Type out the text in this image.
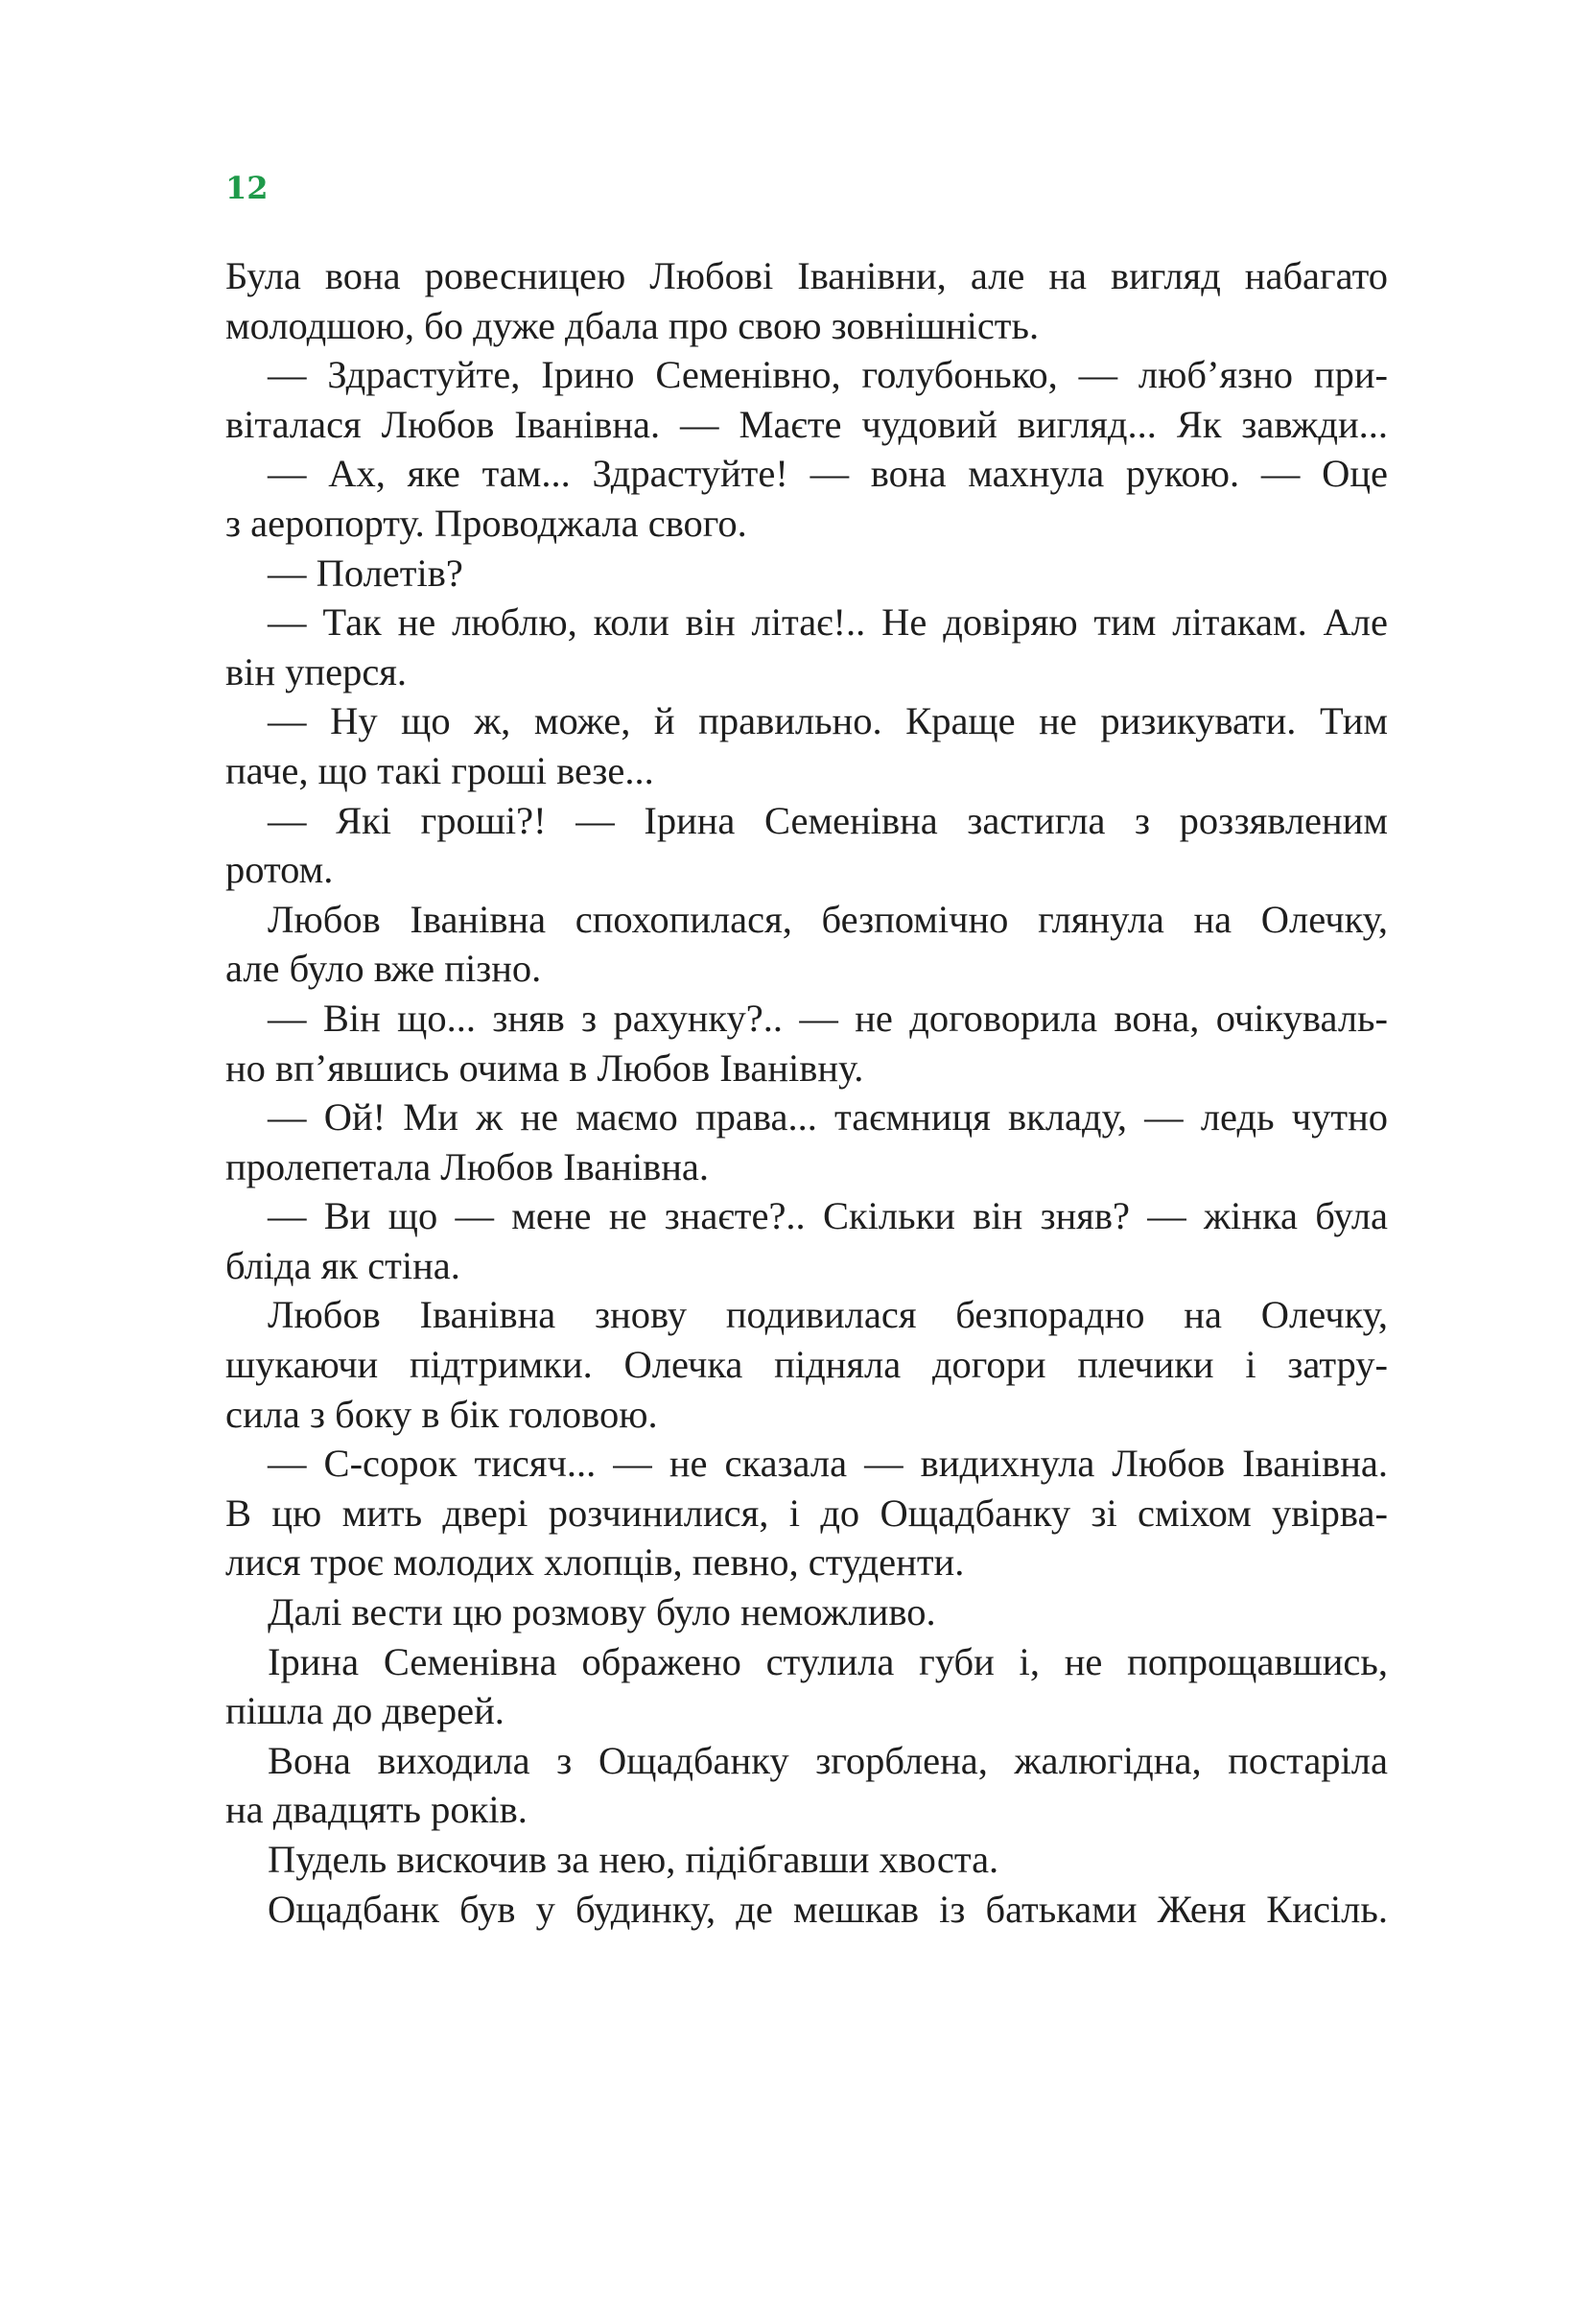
12
Була вона ровесницею Любові Іванівни, але на вигляд набагато
молодшою, бо дуже дбала про свою зовнішність.
— Здрастуйте, Ірино Семенівно, голубонько, — люб’язно при-
віталася Любов Іванівна. — Маєте чудовий вигляд... Як завжди...
— Ах, яке там... Здрастуйте! — вона махнула рукою. — Оце
з аеропорту. Проводжала свого.
— Полетів?
— Так не люблю, коли він літає!.. Не довіряю тим літакам. Але
він уперся.
— Ну що ж, може, й правильно. Краще не ризикувати. Тим
паче, що такі гроші везе...
— Які гроші?! — Ірина Семенівна застигла з роззявленим
ротом.
Любов Іванівна спохопилася, безпомічно глянула на Олечку,
але було вже пізно.
— Він що... зняв з рахунку?.. — не договорила вона, очікуваль-
но вп’явшись очима в Любов Іванівну.
— Ой! Ми ж не маємо права... таємниця вкладу, — ледь чутно
пролепетала Любов Іванівна.
— Ви що — мене не знаєте?.. Скільки він зняв? — жінка була
бліда як стіна.
Любов Іванівна знову подивилася безпорадно на Олечку,
шукаючи підтримки. Олечка підняла догори плечики і затру-
сила з боку в бік головою.
— С-сорок тисяч... — не сказала — видихнула Любов Іванівна.
В цю мить двері розчинилися, і до Ощадбанку зі сміхом увірва-
лися троє молодих хлопців, певно, студенти.
Далі вести цю розмову було неможливо.
Ірина Семенівна ображено стулила губи і, не попрощавшись,
пішла до дверей.
Вона виходила з Ощадбанку згорблена, жалюгідна, постаріла
на двадцять років.
Пудель вискочив за нею, підібгавши хвоста.
Ощадбанк був у будинку, де мешкав із батьками Женя Кисіль.
